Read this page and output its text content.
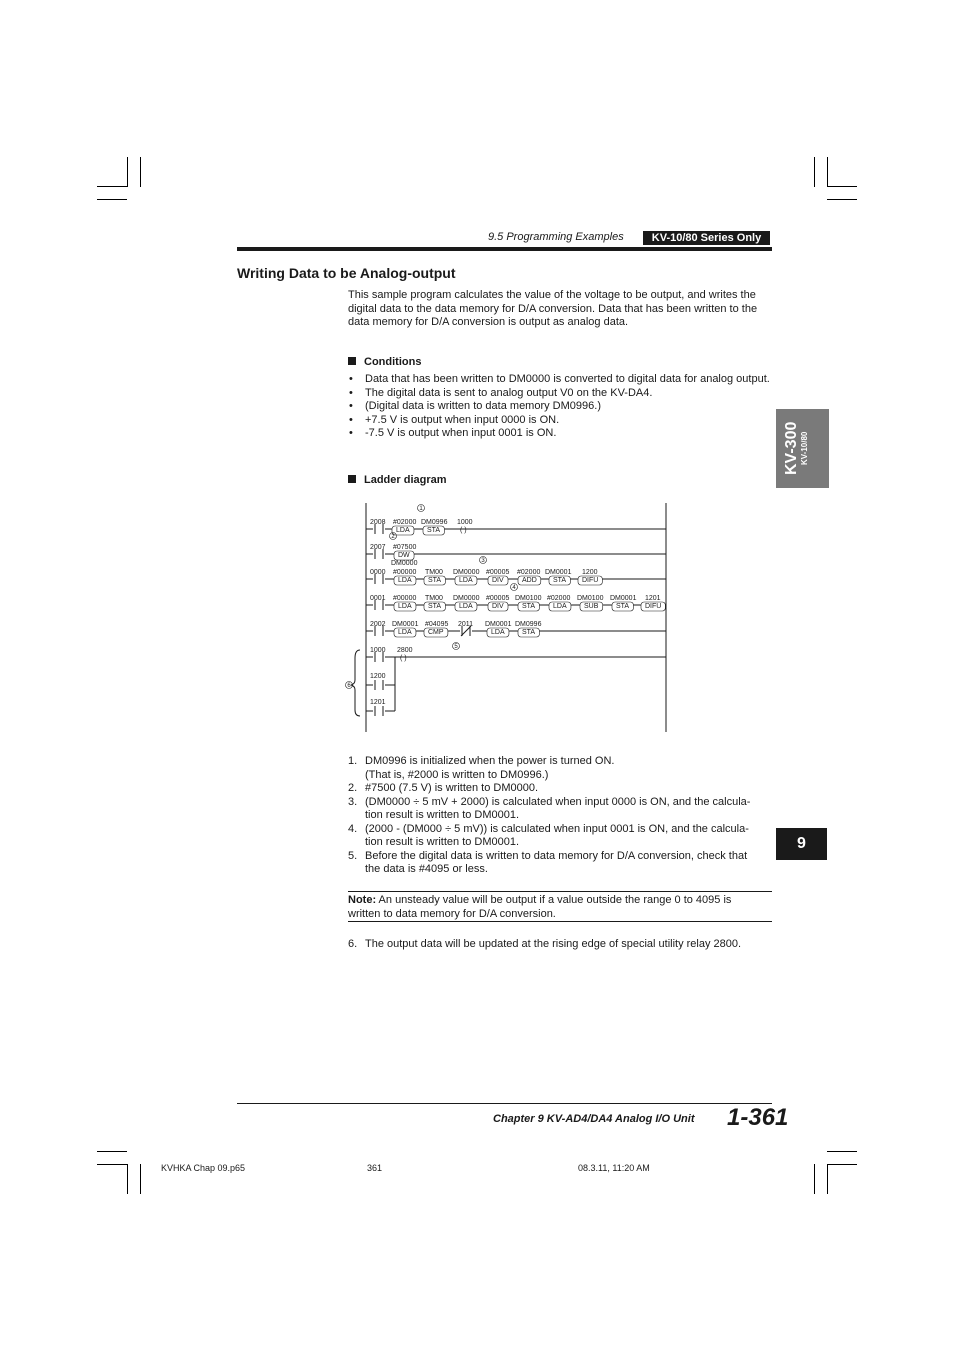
9.5 Programming Examples	KV-10/80 Series Only
Writing Data to be Analog-output
This sample program calculates the value of the voltage to be output, and writes the digital data to the data memory for D/A conversion. Data that has been written to the data memory for D/A conversion is output as analog data.
Conditions
• Data that has been written to DM0000 is converted to digital data for analog output.
• The digital data is sent to analog output V0 on the KV-DA4.
• (Digital data is written to data memory DM0996.)
• +7.5 V is output when input 0000 is ON.
• -7.5 V is output when input 0001 is ON.
Ladder diagram
2008 #02000 DM0996 1000
LDA STA	( )
2007 #07500
DM0000
DW
0000 #00000 TM00 DM0000 #00005 #02000 DM0001 1200
LDA STA	LDA	DIV	ADD STA DIFU
0001 #00000 TM00 DM0000 #00005 DM0100 #02000 DM0100 DM0001 1201
LDA STA	LDA	DIV	STA	LDA SUB	STA DIFU
2002 DM0001 #04095 2011 DM0001 DM0996
LDA CMP	LDA STA
1000 2800
1200
1201
( )
1
2
3
4
5
6
1. DM0996 is initialized when the power is turned ON.
(That is, #2000 is written to DM0996.)
2. #7500 (7.5 V) is written to DM0000.
3. (DM0000 ÷ 5 mV + 2000) is calculated when input 0000 is ON, and the calcula-
tion result is written to DM0001.
4. (2000 - (DM000 ÷ 5 mV)) is calculated when input 0001 is ON, and the calcula-
tion result is written to DM0001.
5. Before the digital data is written to data memory for D/A conversion, check that
the data is #4095 or less.
Note: An unsteady value will be output if a value outside the range 0 to 4095 is
written to data memory for D/A conversion.
6. The output data will be updated at the rising edge of special utility relay 2800.
KV-300 KV-10/80
9
Chapter 9 KV-AD4/DA4 Analog I/O Unit 1-361
KVHKA Chap 09.p65	361	08.3.11, 11:20 AM
